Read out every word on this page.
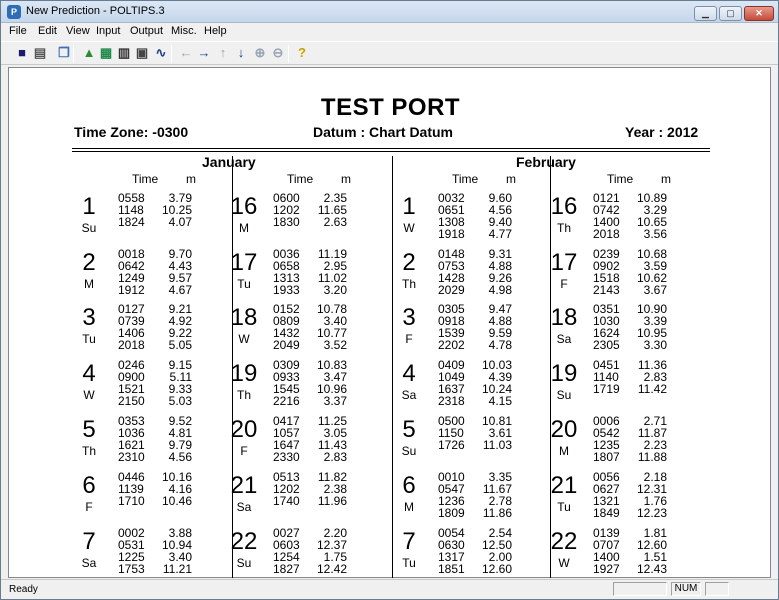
P New Prediction - POLTIPS.3	▁	▢	✕
File Edit View Input Output Misc. Help
■ ▤ ❐ ▲ ▦ ▥ ▣ ∿ ← → ↑ ↓ ⊕ ⊖	?
TEST PORT
Time Zone: -0300	Datum : Chart Datum	Year : 2012
January
Time m
1
Su
0558	3.79
1148	10.25
1824	4.07
2
M
0018	9.70
0642	4.43
1249	9.57
1912	4.67
3
Tu
0127	9.21
0739	4.92
1406	9.22
2018	5.05
4
W
0246	9.15
0900	5.11
1521	9.33
2150	5.03
5
Th
0353	9.52
1036	4.81
1621	9.79
2310	4.56
6
F
0446	10.16
1139	4.16
1710	10.46
7
Sa
0002	3.88
0531	10.94
1225	3.40
1753	11.21
Time m
16
M
0600	2.35
1202	11.65
1830	2.63
17
Tu
0036	11.19
0658	2.95
1313	11.02
1933	3.20
18
W
0152	10.78
0809	3.40
1432	10.77
2049	3.52
19
Th
0309	10.83
0933	3.47
1545	10.96
2216	3.37
20
F
0417	11.25
1057	3.05
1647	11.43
2330	2.83
21
Sa
0513	11.82
1202	2.38
1740	11.96
22
Su
0027	2.20
0603	12.37
1254	1.75
1827	12.42
February
Time m
1
W
0032	9.60
0651	4.56
1308	9.40
1918	4.77
2
Th
0148	9.31
0753	4.88
1428	9.26
2029	4.98
3
F
0305	9.47
0918	4.88
1539	9.59
2202	4.78
4
Sa
0409	10.03
1049	4.39
1637	10.24
2318	4.15
5
Su
0500	10.81
1150	3.61
1726	11.03
6
M
0010	3.35
0547	11.67
1236	2.78
1809	11.86
7
Tu
0054	2.54
0630	12.50
1317	2.00
1851	12.60
Time m
16
Th
0121	10.89
0742	3.29
1400	10.65
2018	3.56
17
F
0239	10.68
0902	3.59
1518	10.62
2143	3.67
18
Sa
0351	10.90
1030	3.39
1624	10.95
2305	3.30
19
Su
0451	11.36
1140	2.83
1719	11.42
20
M
0006	2.71
0542	11.87
1235	2.23
1807	11.88
21
Tu
0056	2.18
0627	12.31
1321	1.76
1849	12.23
22
W
0139	1.81
0707	12.60
1400	1.51
1927	12.43
Ready	NUM
